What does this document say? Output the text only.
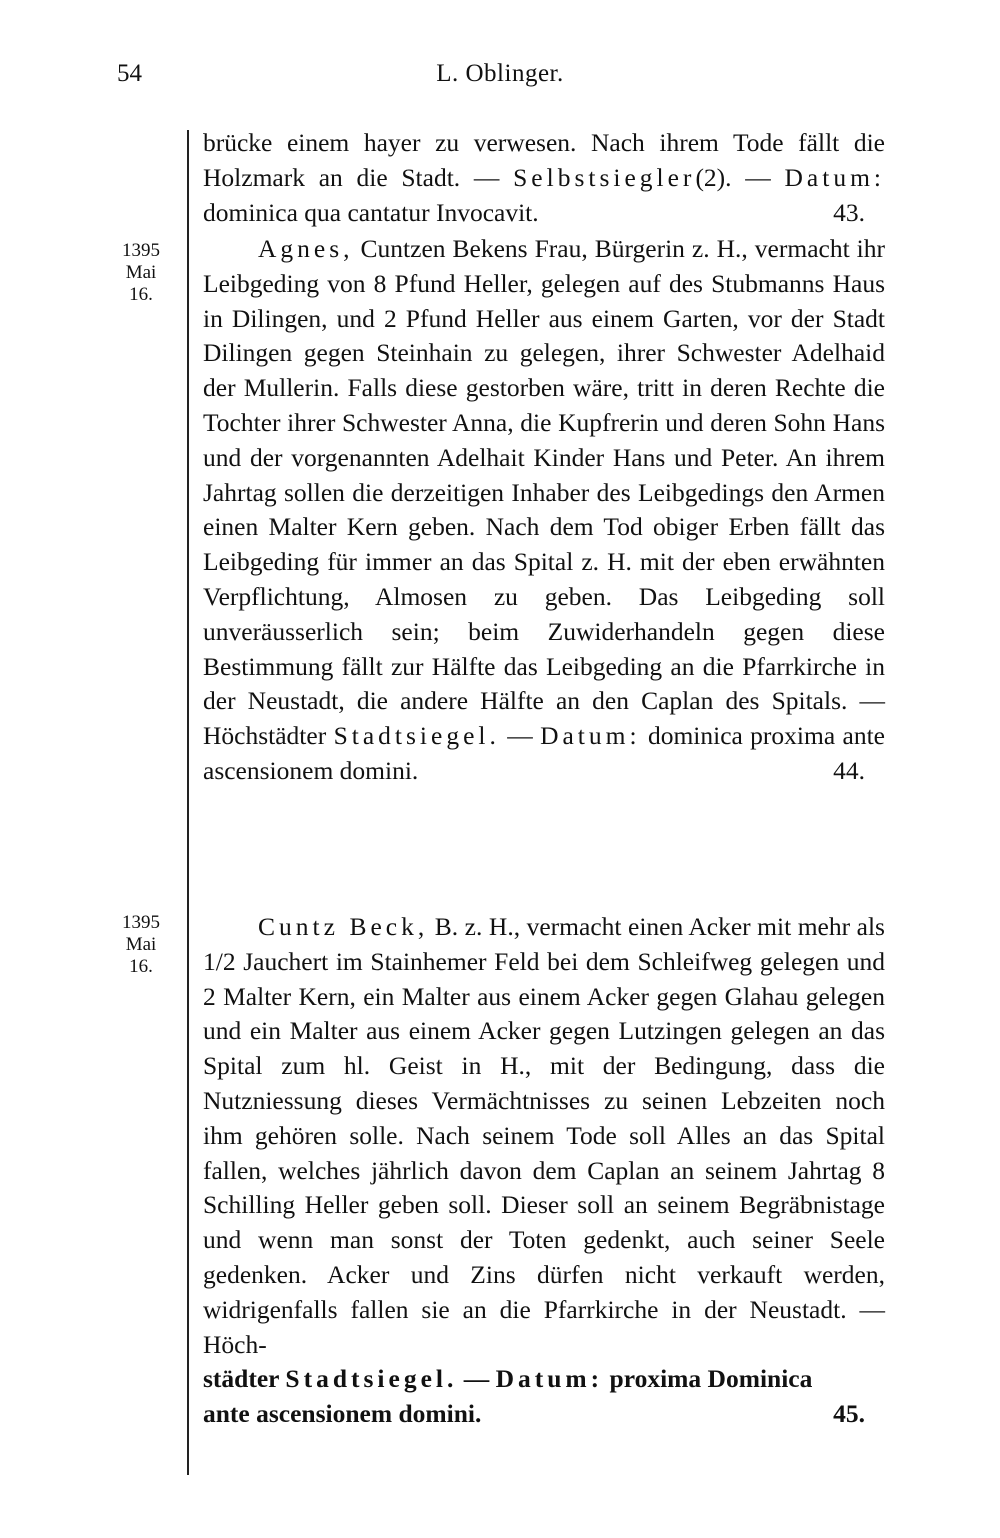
54	L. Oblinger.
brücke einem hayer zu verwesen. Nach ihrem Tode fällt die Holzmark an die Stadt. — Selbstsiegler(2). — Datum: dominica qua cantatur Invocavit.	43.
1395
Mai
16.
Agnes, Cuntzen Bekens Frau, Bürgerin z. H., vermacht ihr Leibgeding von 8 Pfund Heller, gelegen auf des Stubmanns Haus in Dilingen, und 2 Pfund Heller aus einem Garten, vor der Stadt Dilingen gegen Steinhain zu gelegen, ihrer Schwester Adelhaid der Mullerin. Falls diese gestorben wäre, tritt in deren Rechte die Tochter ihrer Schwester Anna, die Kupfrerin und deren Sohn Hans und der vorgenannten Adelhait Kinder Hans und Peter. An ihrem Jahrtag sollen die derzeitigen Inhaber des Leibgedings den Armen einen Malter Kern geben. Nach dem Tod obiger Erben fällt das Leibgeding für immer an das Spital z. H. mit der eben erwähnten Verpflichtung, Almosen zu geben. Das Leibgeding soll unveräusserlich sein; beim Zuwiderhandeln gegen diese Bestimmung fällt zur Hälfte das Leibgeding an die Pfarrkirche in der Neustadt, die andere Hälfte an den Caplan des Spitals. — Höchstädter Stadtsiegel. — Datum: dominica proxima ante ascensionem domini.	44.
1395
Mai
16.
Cuntz Beck, B. z. H., vermacht einen Acker mit mehr als 1/2 Jauchert im Stainhemer Feld bei dem Schleifweg gelegen und 2 Malter Kern, ein Malter aus einem Acker gegen Glahau gelegen und ein Malter aus einem Acker gegen Lutzingen gelegen an das Spital zum hl. Geist in H., mit der Bedingung, dass die Nutzniessung dieses Vermächtnisses zu seinen Lebzeiten noch ihm gehören solle. Nach seinem Tode soll Alles an das Spital fallen, welches jährlich davon dem Caplan an seinem Jahrtag 8 Schilling Heller geben soll. Dieser soll an seinem Begräbnistage und wenn man sonst der Toten gedenkt, auch seiner Seele gedenken. Acker und Zins dürfen nicht verkauft werden, widrigenfalls fallen sie an die Pfarrkirche in der Neustadt. — Höch-
städter Stadtsiegel. — Datum: proxima Dominica
ante ascensionem domini.	45.
